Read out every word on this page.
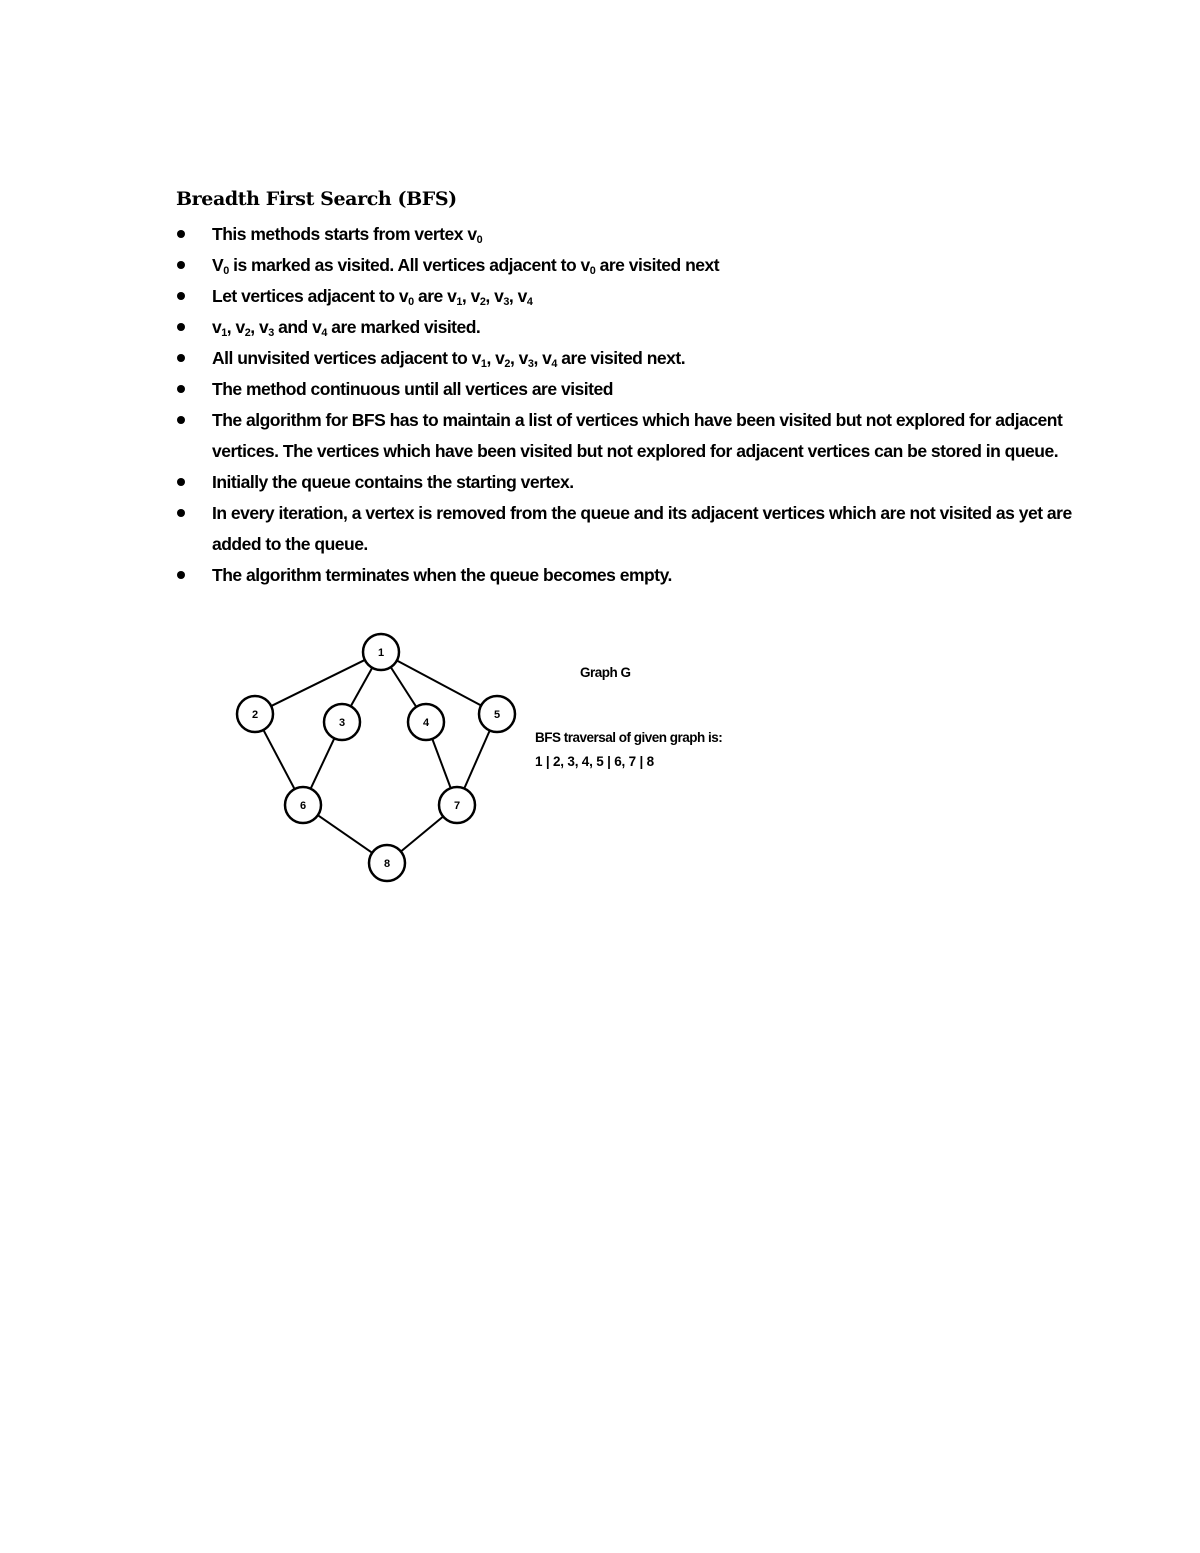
Breadth First Search (BFS)
This methods starts from vertex $v_0$
$V_0$ is marked as visited. All vertices adjacent to $v_0$ are visited next
Let vertices adjacent to $v_0$ are $v_1$, $v_2$, $v_3$, $v_4$
$v_1$, $v_2$, $v_3$ and $v_4$ are marked visited.
All unvisited vertices adjacent to $v_1$, $v_2$, $v_3$, $v_4$ are visited next.
The method continuous until all vertices are visited
The algorithm for BFS has to maintain a list of vertices which have been visited but not explored for adjacent vertices. The vertices which have been visited but not explored for adjacent vertices can be stored in queue.
Initially the queue contains the starting vertex.
In every iteration, a vertex is removed from the queue and its adjacent vertices which are not visited as yet are added to the queue.
The algorithm terminates when the queue becomes empty.
1
2
3	4
5
6	7
8
Graph G
BFS traversal of given graph is:
1 | 2, 3, 4, 5 | 6, 7 | 8
